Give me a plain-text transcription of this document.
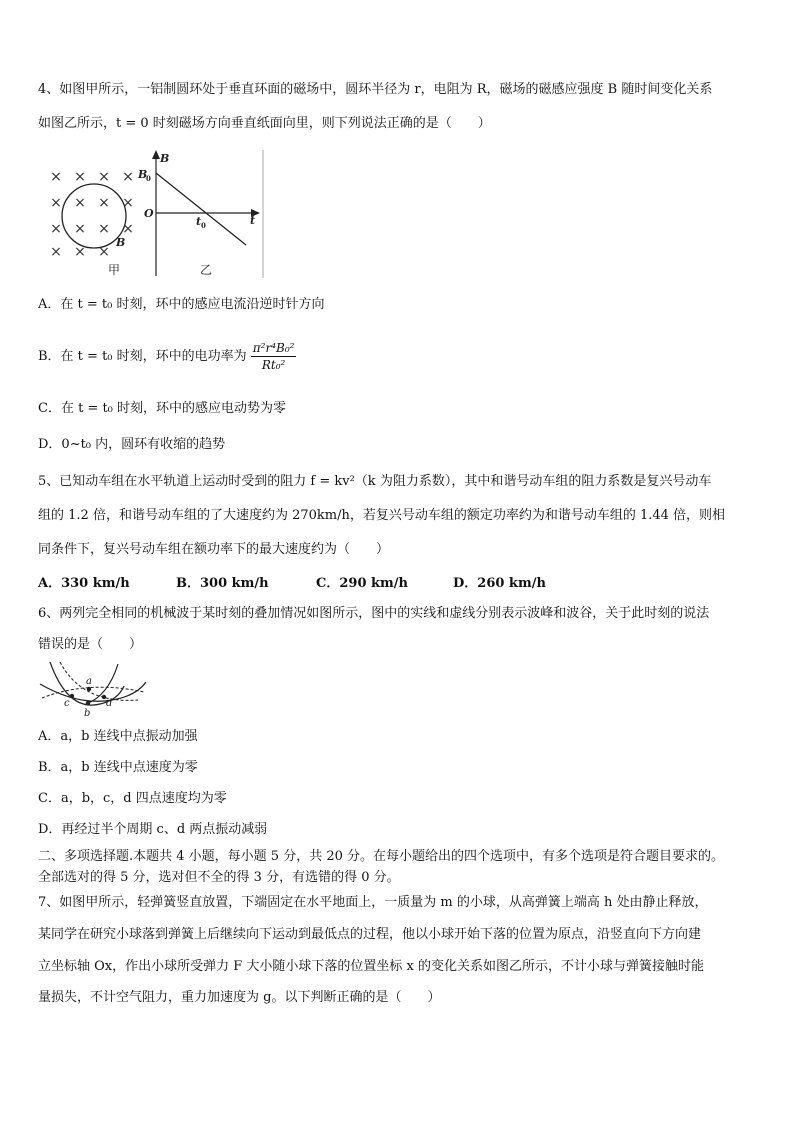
4、如图甲所示，一铝制圆环处于垂直环面的磁场中，圆环半径为 r，电阻为 R，磁场的磁感应强度 B 随时间变化关系
如图乙所示，t = 0 时刻磁场方向垂直纸面向里，则下列说法正确的是（　　）
× × × ×
× × × ×
× × × ×
× × ×
B
甲
B
t
O
B
0
t 0
乙
A．在 t = t₀ 时刻，环中的感应电流沿逆时针方向
B．在 t = t₀ 时刻，环中的电功率为 $\frac{\text{π²r⁴B₀²}}{\text{Rt₀²}}$
C．在 t = t₀ 时刻，环中的感应电动势为零
D．0~t₀ 内，圆环有收缩的趋势
5、已知动车组在水平轨道上运动时受到的阻力 f = kv²（k 为阻力系数），其中和谐号动车组的阻力系数是复兴号动车
组的 1.2 倍，和谐号动车组的了大速度约为 270km/h，若复兴号动车组的额定功率约为和谐号动车组的 1.44 倍，则相
同条件下，复兴号动车组在额功率下的最大速度约为（　　）
A．330 km/h	B．300 km/h	C．290 km/h	D．260 km/h
6、两列完全相同的机械波于某时刻的叠加情况如图所示，图中的实线和虚线分别表示波峰和波谷，关于此时刻的说法
错误的是（　　）
a
b
c	d
A．a，b 连线中点振动加强
B．a，b 连线中点速度为零
C．a，b，c，d 四点速度均为零
D．再经过半个周期 c、d 两点振动减弱
二、多项选择题.本题共 4 小题，每小题 5 分，共 20 分。在每小题给出的四个选项中，有多个选项是符合题目要求的。
全部选对的得 5 分，选对但不全的得 3 分，有选错的得 0 分。
7、如图甲所示，轻弹簧竖直放置，下端固定在水平地面上，一质量为 m 的小球，从高弹簧上端高 h 处由静止释放，
某同学在研究小球落到弹簧上后继续向下运动到最低点的过程，他以小球开始下落的位置为原点，沿竖直向下方向建
立坐标轴 Ox，作出小球所受弹力 F 大小随小球下落的位置坐标 x 的变化关系如图乙所示，不计小球与弹簧接触时能
量损失，不计空气阻力，重力加速度为 g。以下判断正确的是（　　）
